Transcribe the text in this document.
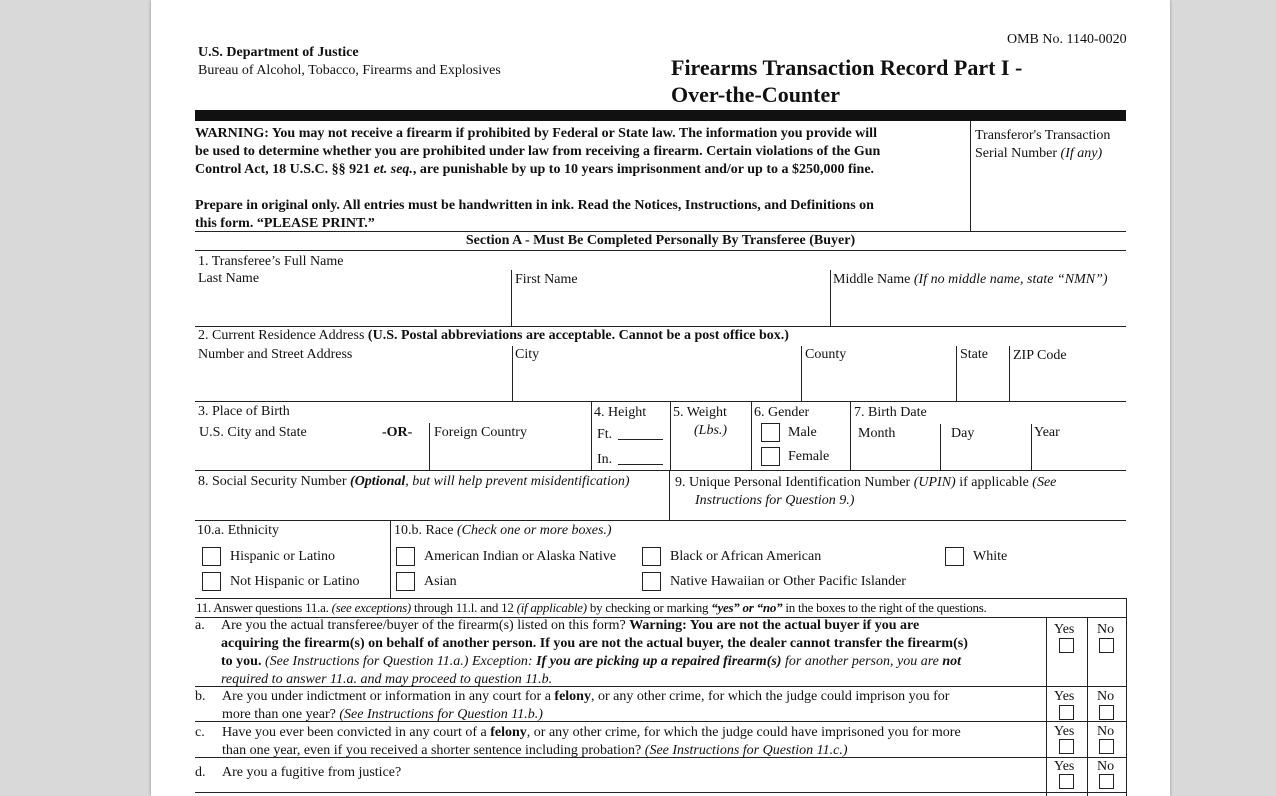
OMB No. 1140-0020
U.S. Department of Justice
Bureau of Alcohol, Tobacco, Firearms and Explosives	Firearms Transaction Record Part I -
Over-the-Counter
WARNING: You may not receive a firearm if prohibited by Federal or State law. The information you provide will
be used to determine whether you are prohibited under law from receiving a firearm. Certain violations of the Gun
Control Act, 18 U.S.C. §§ 921 et. seq., are punishable by up to 10 years imprisonment and/or up to a $250,000 fine.
Prepare in original only. All entries must be handwritten in ink. Read the Notices, Instructions, and Definitions on
this form. “PLEASE PRINT.”
Transferor's Transaction
Serial Number (If any)
Section A - Must Be Completed Personally By Transferee (Buyer)
1. Transferee’s Full Name
Last Name	First Name	Middle Name (If no middle name, state “NMN”)
2. Current Residence Address (U.S. Postal abbreviations are acceptable. Cannot be a post office box.)
Number and Street Address	City	County	State ZIP Code
3. Place of Birth
U.S. City and State	-OR- Foreign Country
4. Height
Ft.
In.
5. Weight
(Lbs.)
6. Gender
Male
Female
7. Birth Date
Month	Day	Year
8. Social Security Number (Optional, but will help prevent misidentification)	9. Unique Personal Identification Number (UPIN) if applicable (See
Instructions for Question 9.)
10.a. Ethnicity
Hispanic or Latino
Not Hispanic or Latino
10.b. Race (Check one or more boxes.)
American Indian or Alaska Native	Black or African American	White
Asian	Native Hawaiian or Other Pacific Islander
11. Answer questions 11.a. (see exceptions) through 11.l. and 12 (if applicable) by checking or marking “yes” or “no” in the boxes to the right of the questions.
a. Are you the actual transferee/buyer of the firearm(s) listed on this form? Warning: You are not the actual buyer if you are
acquiring the firearm(s) on behalf of another person. If you are not the actual buyer, the dealer cannot transfer the firearm(s)
to you. (See Instructions for Question 11.a.) Exception: If you are picking up a repaired firearm(s) for another person, you are not
required to answer 11.a. and may proceed to question 11.b.
Yes No
b. Are you under indictment or information in any court for a felony, or any other crime, for which the judge could imprison you for
more than one year? (See Instructions for Question 11.b.)
Yes No
c. Have you ever been convicted in any court of a felony, or any other crime, for which the judge could have imprisoned you for more
than one year, even if you received a shorter sentence including probation? (See Instructions for Question 11.c.)
Yes No
d. Are you a fugitive from justice?	Yes No
